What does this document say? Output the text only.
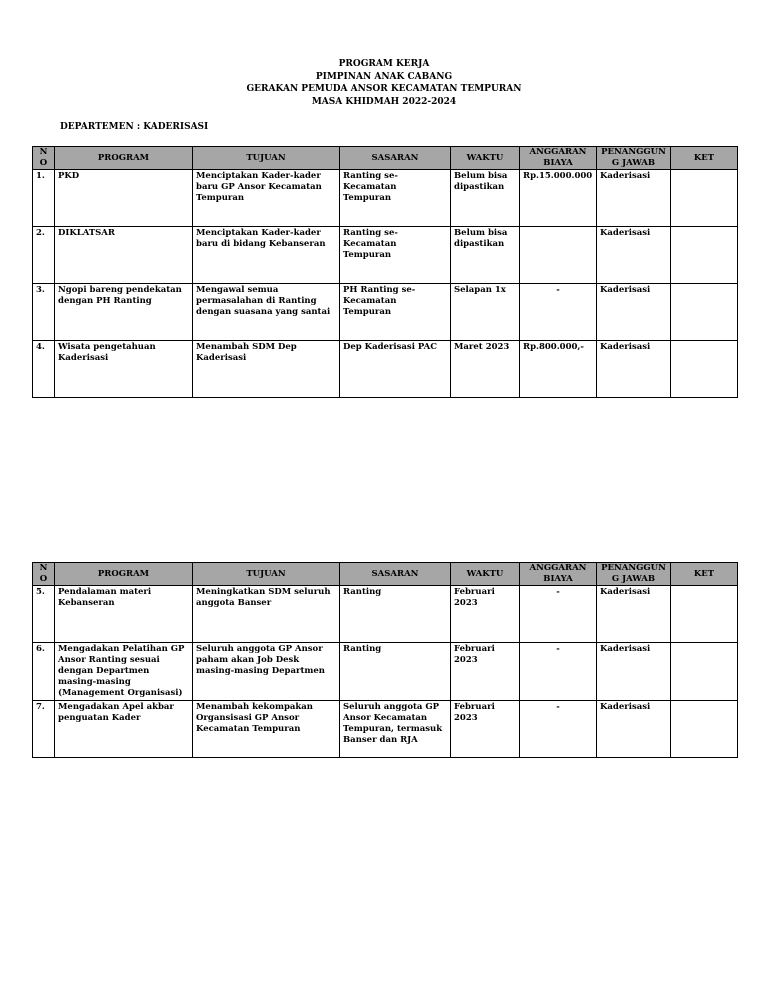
PROGRAM KERJA
PIMPINAN ANAK CABANG
GERAKAN PEMUDA ANSOR KECAMATAN TEMPURAN
MASA KHIDMAH 2022-2024
DEPARTEMEN : KADERISASI
N O	PROGRAM	TUJUAN	SASARAN	WAKTU	ANGGARAN BIAYA	PENANGGUNG JAWAB	KET
1.	PKD	Menciptakan Kader-kader baru GP Ansor Kecamatan Tempuran	Ranting se-Kecamatan Tempuran	Belum bisa dipastikan	Rp.15.000.000	Kaderisasi	
2.	DIKLATSAR	Menciptakan Kader-kader baru di bidang Kebanseran	Ranting se-Kecamatan Tempuran	Belum bisa dipastikan		Kaderisasi	
3.	Ngopi bareng pendekatan dengan PH Ranting	Mengawal semua permasalahan di Ranting dengan suasana yang santai	PH Ranting se-Kecamatan Tempuran	Selapan 1x	-	Kaderisasi	
4.	Wisata pengetahuan Kaderisasi	Menambah SDM Dep Kaderisasi	Dep Kaderisasi PAC	Maret 2023	Rp.800.000,-	Kaderisasi	
N O	PROGRAM	TUJUAN	SASARAN	WAKTU	ANGGARAN BIAYA	PENANGGUNG JAWAB	KET
5.	Pendalaman materi Kebanseran	Meningkatkan SDM seluruh anggota Banser	Ranting	Februari 2023	-	Kaderisasi	
6.	Mengadakan Pelatihan GP Ansor Ranting sesuai dengan Departmen masing-masing (Management Organisasi)	Seluruh anggota GP Ansor paham akan Job Desk masing-masing Departmen	Ranting	Februari 2023	-	Kaderisasi	
7.	Mengadakan Apel akbar penguatan Kader	Menambah kekompakan Organsisasi GP Ansor Kecamatan Tempuran	Seluruh anggota GP Ansor Kecamatan Tempuran, termasuk Banser dan RJA	Februari 2023	-	Kaderisasi	
